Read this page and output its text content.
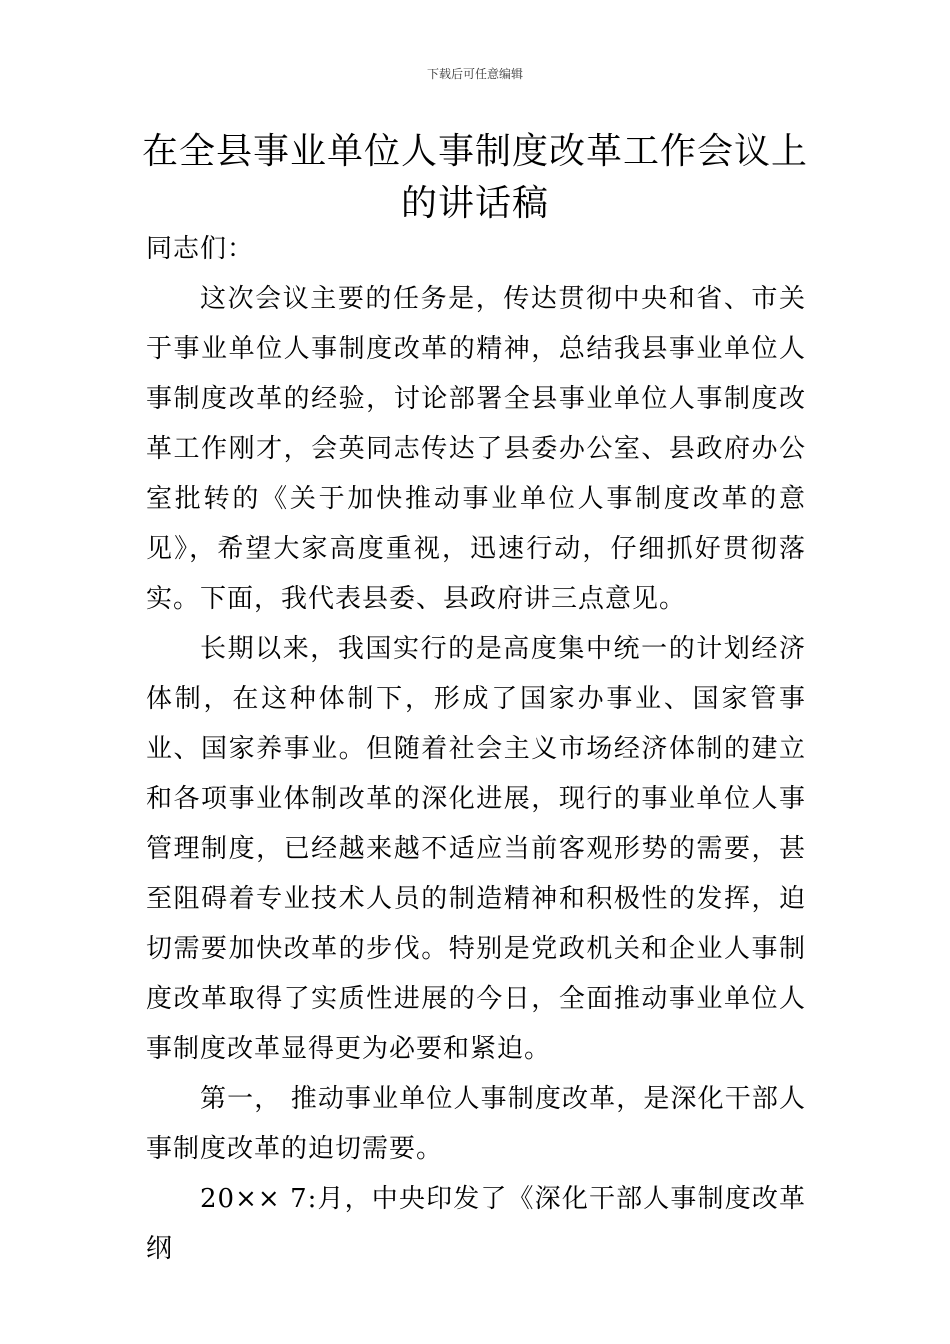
下载后可任意编辑
在全县事业单位人事制度改革工作会议上的讲话稿

同志们：

这次会议主要的任务是，传达贯彻中央和省、市关于事业单位人事制度改革的精神，总结我县事业单位人事制度改革的经验，讨论部署全县事业单位人事制度改革工作刚才，会英同志传达了县委办公室、县政府办公室批转的《关于加快推动事业单位人事制度改革的意见》，希望大家高度重视，迅速行动，仔细抓好贯彻落实。下面，我代表县委、县政府讲三点意见。

长期以来，我国实行的是高度集中统一的计划经济体制，在这种体制下，形成了国家办事业、国家管事业、国家养事业。但随着社会主义市场经济体制的建立和各项事业体制改革的深化进展，现行的事业单位人事管理制度，已经越来越不适应当前客观形势的需要，甚至阻碍着专业技术人员的制造精神和积极性的发挥，迫切需要加快改革的步伐。特别是党政机关和企业人事制度改革取得了实质性进展的今日，全面推动事业单位人事制度改革显得更为必要和紧迫。

第一， 推动事业单位人事制度改革，是深化干部人事制度改革的迫切需要。

20×× 7:月，中央印发了《深化干部人事制度改革纲
